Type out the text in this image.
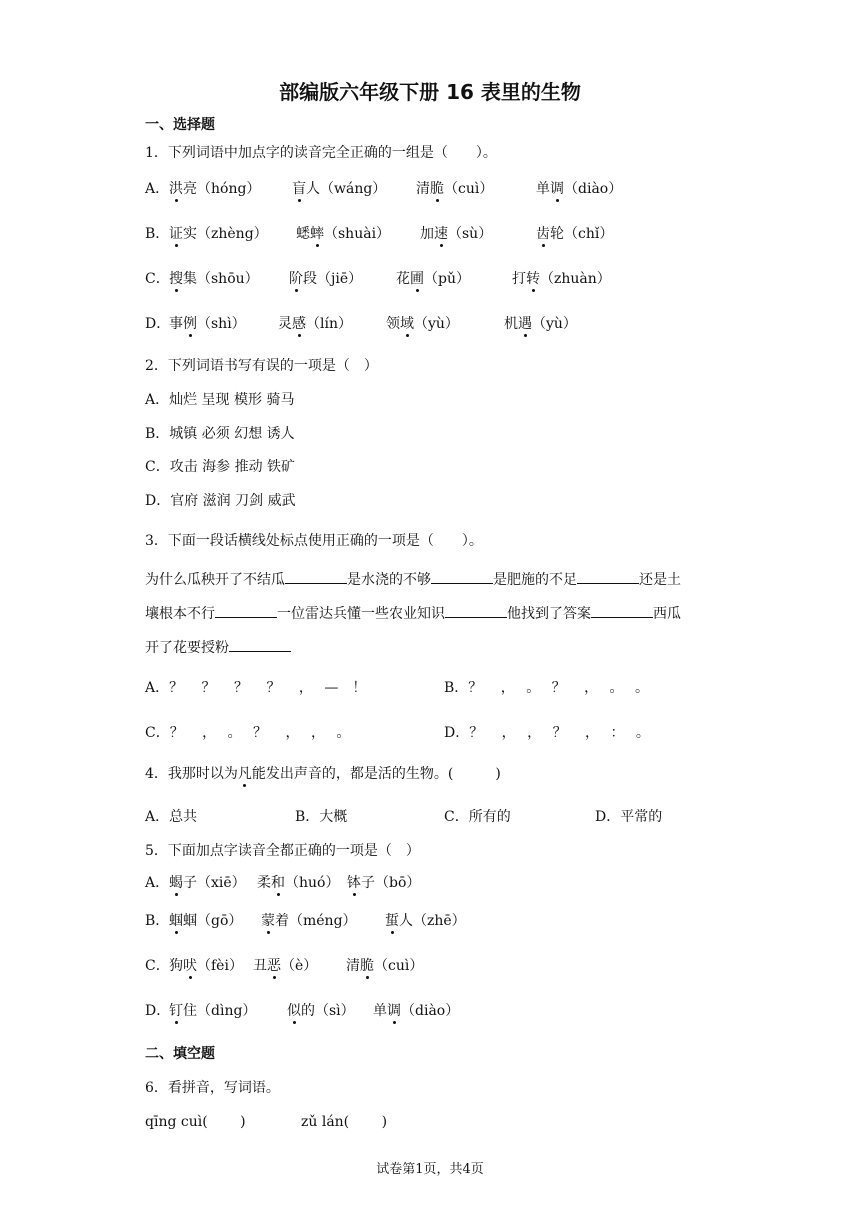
部编版六年级下册 16 表里的生物
一、选择题
1．下列词语中加点字的读音完全正确的一组是（　　）。
A． 洪亮（hóng） 盲人（wáng） 清脆（cuì）	单调（diào）
B． 证实（zhèng） 蟋蟀（shuài） 加速（sù）	齿轮（chǐ）
C． 搜集（shōu） 阶段（jiē） 花圃（pǔ）	打转（zhuàn）
D．
事例（shì） 灵感（lín） 领域（yù）	机遇（yù）
2．下列词语书写有误的一项是（　）
A．灿烂 呈现 模形 骑马
B．城镇 必须 幻想 诱人
C．攻击 海参 推动 铁矿
D．官府 滋润 刀剑 威武
3．下面一段话横线处标点使用正确的一项是（　　）。
为什么瓜秧开了不结瓜	是水浇的不够	是肥施的不足	还是土
壤根本不行	一位雷达兵懂一些农业知识	他找到了答案	西瓜
开了花要授粉
A．？　 ？　 ？　 ？　 ，　 —　！	B．？　 ，　 。　 ？　 ，　 。　 。
C．？　 ，　 。　 ？　 ，　 ，　 。	D．？　 ，　 ，　 ？　 ，　 ：　 。
4．我那时以为凡能发出声音的，都是活的生物。(　　　)
A．总共	B．大概	C．所有的	D．平常的
5．下面加点字读音全都正确的一项是（　）
A． 蝎子（xiē） 柔和（huó） 钵子（bō）
B． 蝈蝈（gō） 蒙着（méng） 蜇人（zhē）
C． 狗吠（fèi） 丑恶（è） 清脆（cuì）
D．
钉住（dìng） 似的（sì） 单调（diào）
二、填空题
6．看拼音，写词语。
qīng cuì(　　 )	zǔ lán(　　 )
试卷第1页，共4页
